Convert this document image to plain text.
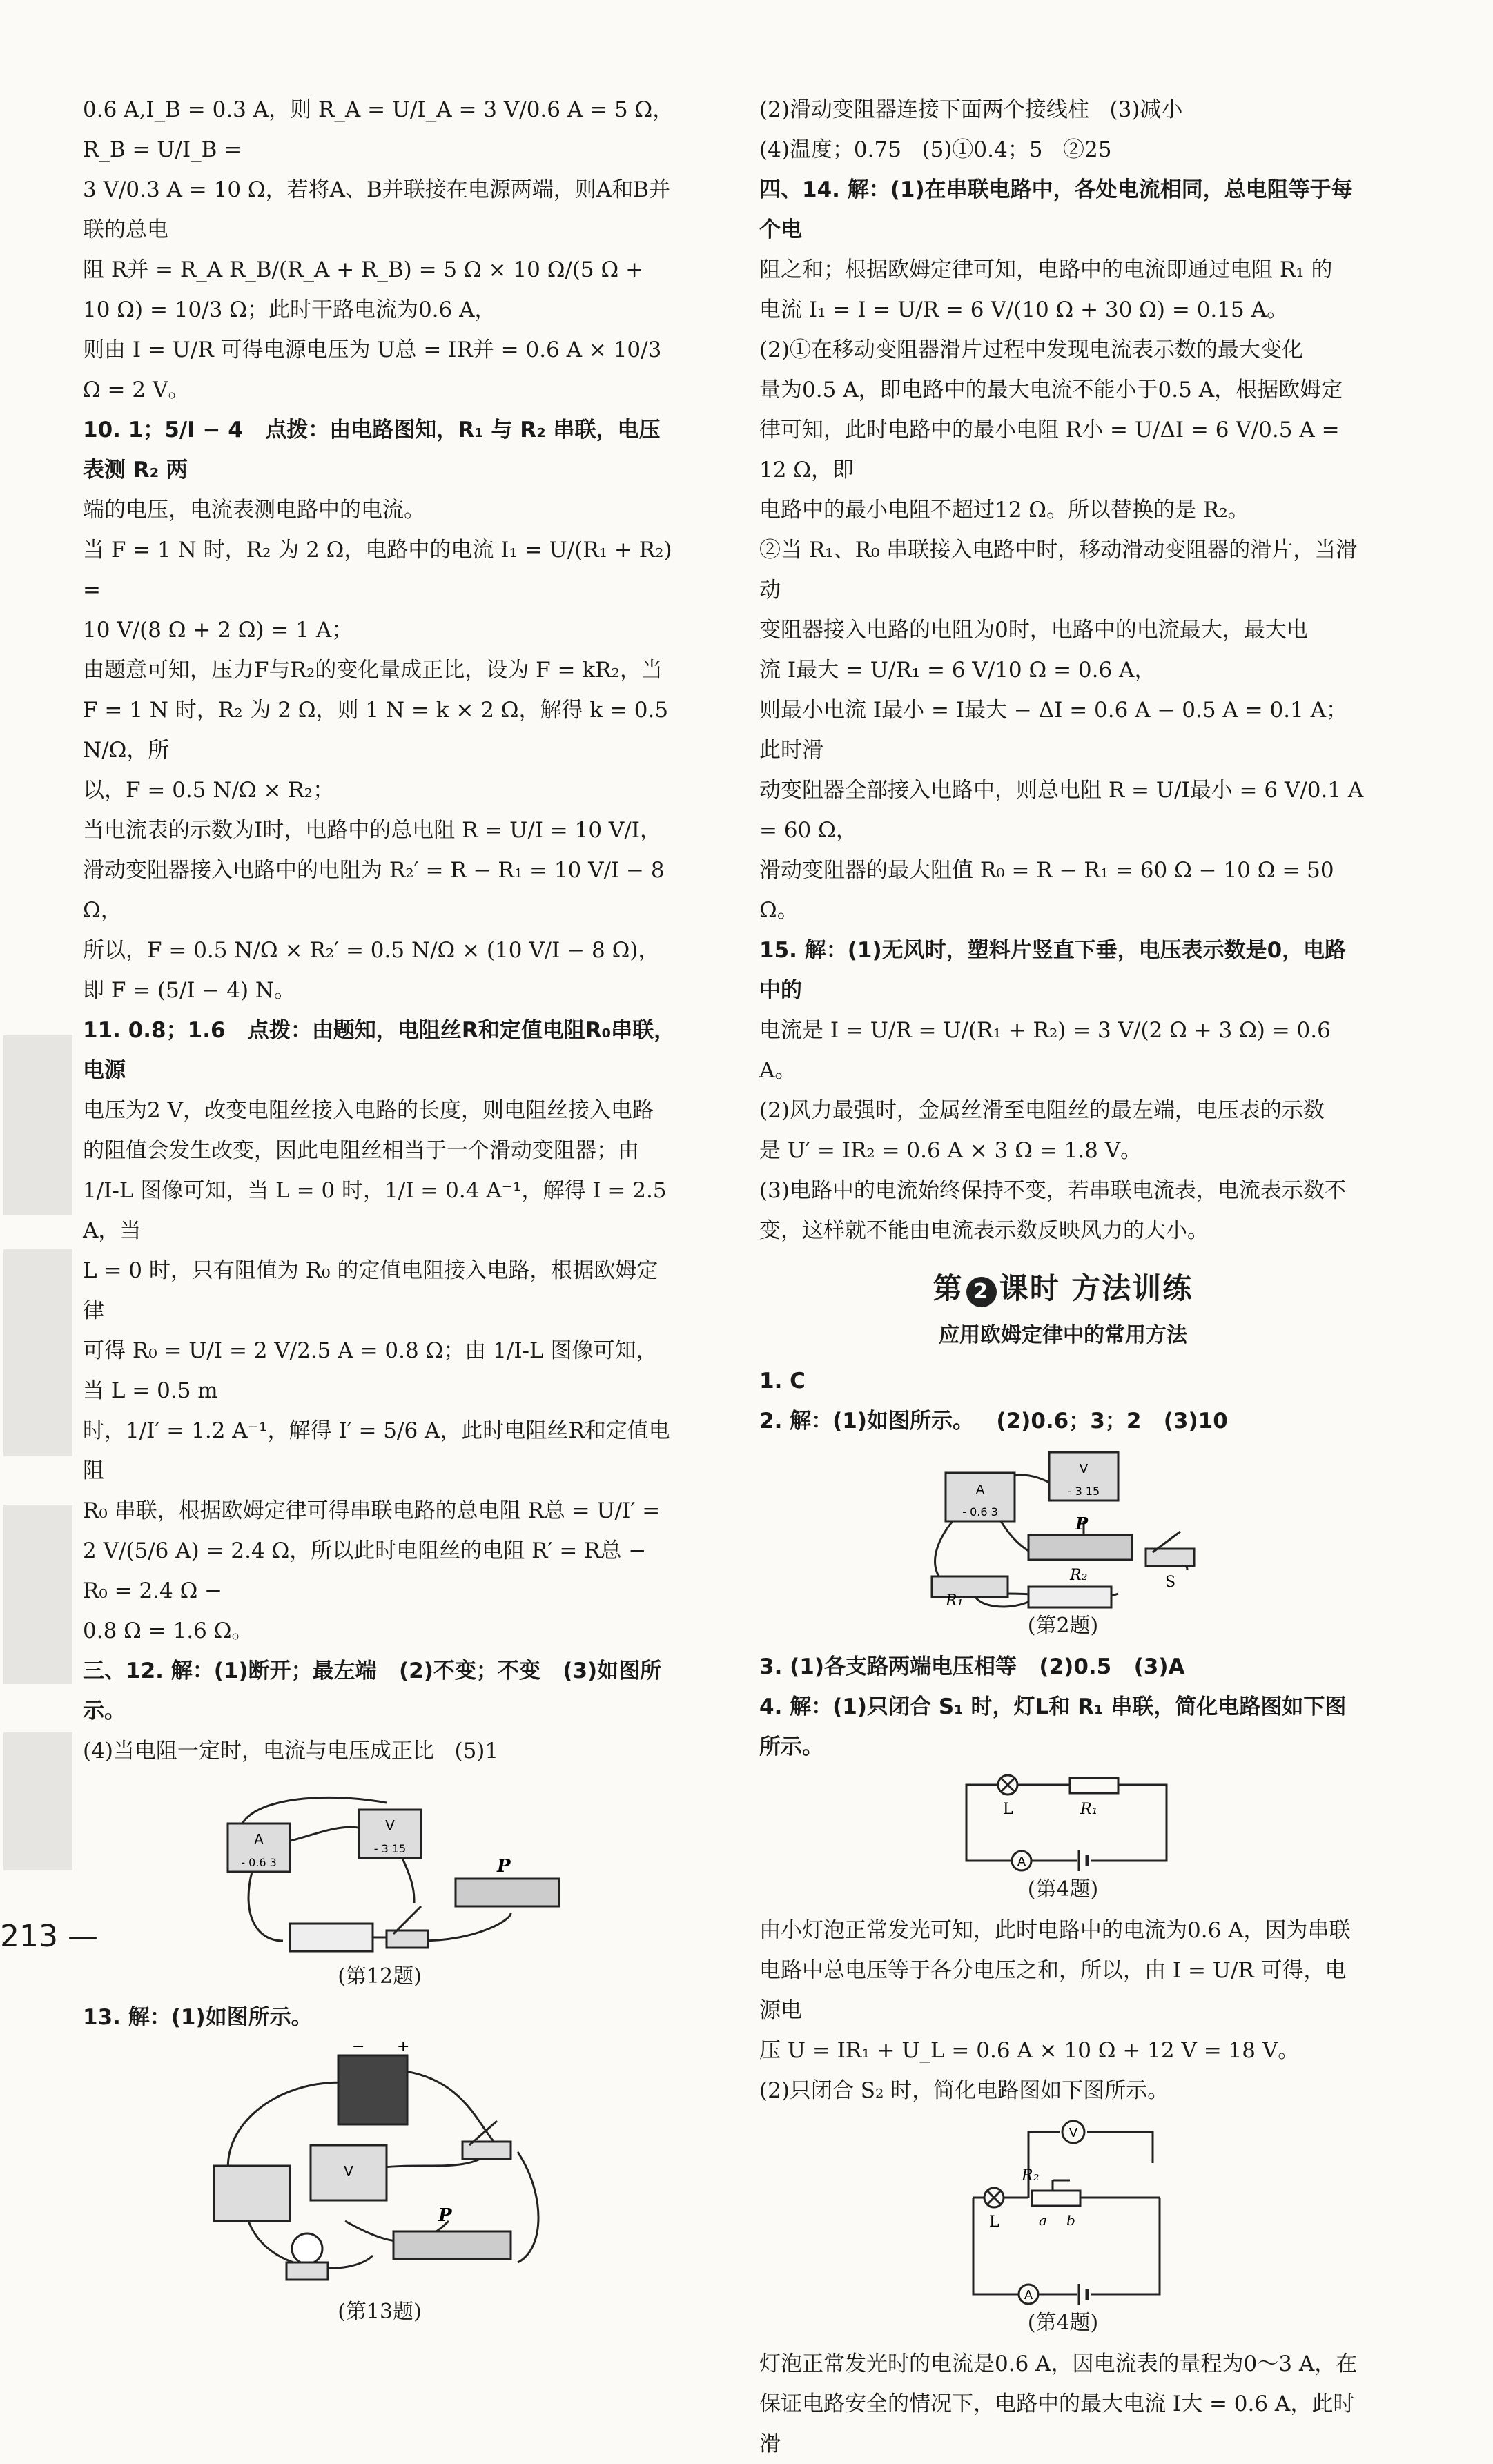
0.6 A,I_B = 0.3 A，则 R_A = U/I_A = 3 V/0.6 A = 5 Ω，R_B = U/I_B =

3 V/0.3 A = 10 Ω，若将A、B并联接在电源两端，则A和B并联的总电

阻 R并 = R_A R_B/(R_A + R_B) = 5 Ω × 10 Ω/(5 Ω + 10 Ω) = 10/3 Ω；此时干路电流为0.6 A，

则由 I = U/R 可得电源电压为 U总 = IR并 = 0.6 A × 10/3 Ω = 2 V。

10. 1；5/I − 4   点拨：由电路图知，R₁ 与 R₂ 串联，电压表测 R₂ 两

端的电压，电流表测电路中的电流。

当 F = 1 N 时，R₂ 为 2 Ω，电路中的电流 I₁ = U/(R₁ + R₂) =

10 V/(8 Ω + 2 Ω) = 1 A；

由题意可知，压力F与R₂的变化量成正比，设为 F = kR₂，当

F = 1 N 时，R₂ 为 2 Ω，则 1 N = k × 2 Ω，解得 k = 0.5 N/Ω，所

以，F = 0.5 N/Ω × R₂；

当电流表的示数为I时，电路中的总电阻 R = U/I = 10 V/I，

滑动变阻器接入电路中的电阻为 R₂′ = R − R₁ = 10 V/I − 8 Ω，

所以，F = 0.5 N/Ω × R₂′ = 0.5 N/Ω × (10 V/I − 8 Ω)，

即 F = (5/I − 4) N。

11. 0.8；1.6   点拨：由题知，电阻丝R和定值电阻R₀串联，电源

电压为2 V，改变电阻丝接入电路的长度，则电阻丝接入电路

的阻值会发生改变，因此电阻丝相当于一个滑动变阻器；由

1/I-L 图像可知，当 L = 0 时，1/I = 0.4 A⁻¹，解得 I = 2.5 A，当

L = 0 时，只有阻值为 R₀ 的定值电阻接入电路，根据欧姆定律

可得 R₀ = U/I = 2 V/2.5 A = 0.8 Ω；由 1/I-L 图像可知，当 L = 0.5 m

时，1/I′ = 1.2 A⁻¹，解得 I′ = 5/6 A，此时电阻丝R和定值电阻

R₀ 串联，根据欧姆定律可得串联电路的总电阻 R总 = U/I′ =

2 V/(5/6 A) = 2.4 Ω，所以此时电阻丝的电阻 R′ = R总 − R₀ = 2.4 Ω −

0.8 Ω = 1.6 Ω。

三、12. 解：(1)断开；最左端   (2)不变；不变   (3)如图所示。

(4)当电阻一定时，电流与电压成正比   (5)1

A
- 0.6 3
V
- 3 15
P
(第12题)

13. 解：(1)如图所示。

− +
V
P
(第13题)

(2)滑动变阻器连接下面两个接线柱   (3)减小

(4)温度；0.75   (5)①0.4；5   ②25

四、14. 解：(1)在串联电路中，各处电流相同，总电阻等于每个电

阻之和；根据欧姆定律可知，电路中的电流即通过电阻 R₁ 的

电流 I₁ = I = U/R = 6 V/(10 Ω + 30 Ω) = 0.15 A。

(2)①在移动变阻器滑片过程中发现电流表示数的最大变化

量为0.5 A，即电路中的最大电流不能小于0.5 A，根据欧姆定

律可知，此时电路中的最小电阻 R小 = U/ΔI = 6 V/0.5 A = 12 Ω，即

电路中的最小电阻不超过12 Ω。所以替换的是 R₂。

②当 R₁、R₀ 串联接入电路中时，移动滑动变阻器的滑片，当滑动

变阻器接入电路的电阻为0时，电路中的电流最大，最大电

流 I最大 = U/R₁ = 6 V/10 Ω = 0.6 A，

则最小电流 I最小 = I最大 − ΔI = 0.6 A − 0.5 A = 0.1 A；此时滑

动变阻器全部接入电路中，则总电阻 R = U/I最小 = 6 V/0.1 A = 60 Ω，

滑动变阻器的最大阻值 R₀ = R − R₁ = 60 Ω − 10 Ω = 50 Ω。

15. 解：(1)无风时，塑料片竖直下垂，电压表示数是0，电路中的

电流是 I = U/R = U/(R₁ + R₂) = 3 V/(2 Ω + 3 Ω) = 0.6 A。

(2)风力最强时，金属丝滑至电阻丝的最左端，电压表的示数

是 U′ = IR₂ = 0.6 A × 3 Ω = 1.8 V。

(3)电路中的电流始终保持不变，若串联电流表，电流表示数不

变，这样就不能由电流表示数反映风力的大小。

第 2 课时 方法训练
应用欧姆定律中的常用方法

1. C

2. 解：(1)如图所示。   (2)0.6；3；2   (3)10

A
- 0.6 3
V
- 3 15
P
R₂	S
R₁
(第2题)

3. (1)各支路两端电压相等   (2)0.5   (3)A

4. 解：(1)只闭合 S₁ 时，灯L和 R₁ 串联，简化电路图如下图所示。

L	R₁
A
(第4题)

由小灯泡正常发光可知，此时电路中的电流为0.6 A，因为串联

电路中总电压等于各分电压之和，所以，由 I = U/R 可得，电源电

压 U = IR₁ + U_L = 0.6 A × 10 Ω + 12 V = 18 V。

(2)只闭合 S₂ 时，简化电路图如下图所示。

V
L
R₂
a b
A
(第4题)

灯泡正常发光时的电流是0.6 A，因电流表的量程为0～3 A，在

保证电路安全的情况下，电路中的最大电流 I大 = 0.6 A，此时滑

213 —
